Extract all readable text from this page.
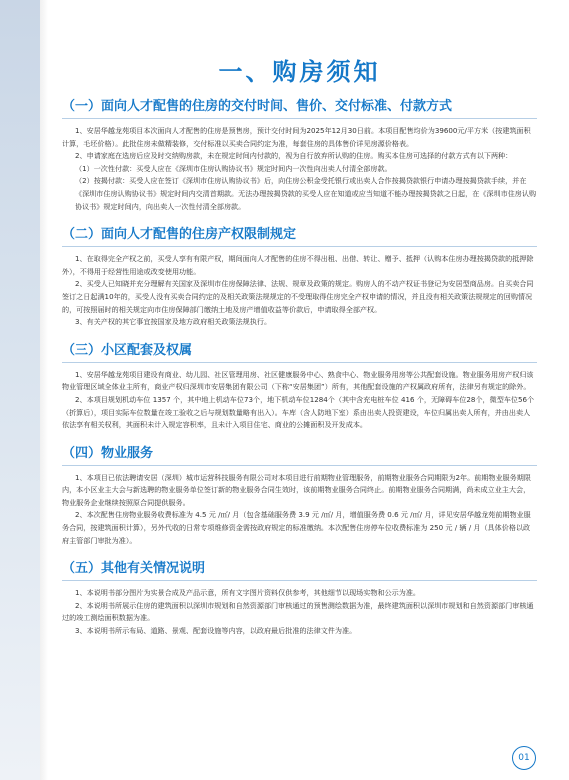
一、购房须知
（一） 面向人才配售的住房的交付时间、售价、交付标准、付款方式

1、安居华越龙苑项目本次面向人才配售的住房是预售房，预计交付时间为2025年12月30日前。本项目配售均价为39600元/平方米（按建筑面积计算，毛坯价格）。此批住房未做精装修，交付标准以买卖合同约定为准，每套住房的具体售价详见房源价格表。

2、申请家庭在选房后应及时交纳购房款，未在规定时间内付款的，视为自行放弃所认购的住房。购买本住房可选择的付款方式有以下两种：

（1）一次性付款：买受人应在《深圳市住房认购协议书》规定时间内一次性向出卖人付清全部房款。

（2）按揭付款：买受人应在签订《深圳市住房认购协议书》后，向住房公积金受托银行或出卖人合作按揭贷款银行申请办理按揭贷款手续，并在《深圳市住房认购协议书》规定时间内交清首期款。无法办理按揭贷款的买受人应在知道或应当知道不能办理按揭贷款之日起，在《深圳市住房认购协议书》规定时间内，向出卖人一次性付清全部房款。

（二） 面向人才配售的住房产权限制规定

1、在取得完全产权之前，买受人享有有限产权，期间面向人才配售的住房不得出租、出借、转让、赠予、抵押（认购本住房办理按揭贷款的抵押除外），不得用于经营性用途或改变使用功能。

2、买受人已知晓并充分理解有关国家及深圳市住房保障法律、法规、规章及政策的规定。购房人的不动产权证书登记为安居型商品房。自买卖合同签订之日起满10年的，买受人没有买卖合同约定的及相关政策法规规定的不受理取得住房完全产权申请的情况，并且没有相关政策法规规定的回购情况的，可按照届时的相关规定向市住房保障部门缴纳土地及房产增值收益等价款后，申请取得全部产权。

3、有关产权的其它事宜按国家及地方政府相关政策法规执行。

（三） 小区配套及权属

1、安居华越龙苑项目建设有商业、幼儿园、社区管理用房、社区健康服务中心、熟食中心、物业服务用房等公共配套设施。物业服务用房产权归该物业管理区域全体业主所有，商业产权归深圳市安居集团有限公司（下称“安居集团”）所有，其他配套设施的产权属政府所有，法律另有规定的除外。

2、本项目规划机动车位 1357 个，其中地上机动车位73个，地下机动车位1284个（其中含充电桩车位 416 个，无障碍车位28个，微型车位56个（折算后），项目实际车位数量在竣工验收之后与规划数量略有出入）。车库（含人防地下室）系由出卖人投资建设，车位归属出卖人所有，并由出卖人依法享有相关权利，其面积未计入规定容积率，且未计入项目住宅、商业的公摊面积及开发成本。

（四） 物业服务

1、本项目已依法聘请安居（深圳）城市运营科技服务有限公司对本项目进行前期物业管理服务，前期物业服务合同期限为2年。前期物业服务期限内，本小区业主大会与新选聘的物业服务单位签订新的物业服务合同生效时，该前期物业服务合同终止。前期物业服务合同期满，尚未成立业主大会，物业服务企业继续按照原合同提供服务。

2、本次配售住房物业服务收费标准为 4.5 元 /㎡/ 月（包含基础服务费 3.9 元 /㎡/ 月，增值服务费 0.6 元 /㎡/ 月，详见安居华越龙苑前期物业服务合同，按建筑面积计算），另外代收的日常专项维修资金需按政府规定的标准缴纳。本次配售住房停车位收费标准为 250 元 / 辆 / 月（具体价格以政府主管部门审批为准）。

（五） 其他有关情况说明

1、本说明书部分图片为实景合成及产品示意，所有文字图片资料仅供参考，其他细节以现场实物和公示为准。

2、本说明书所展示住房的建筑面积以深圳市规划和自然资源部门审核通过的预售测绘数据为准，最终建筑面积以深圳市规划和自然资源部门审核通过的竣工测绘面积数据为准。

3、本说明书所示布局、道路、景观、配套设施等内容，以政府最后批准的法律文件为准。

01
